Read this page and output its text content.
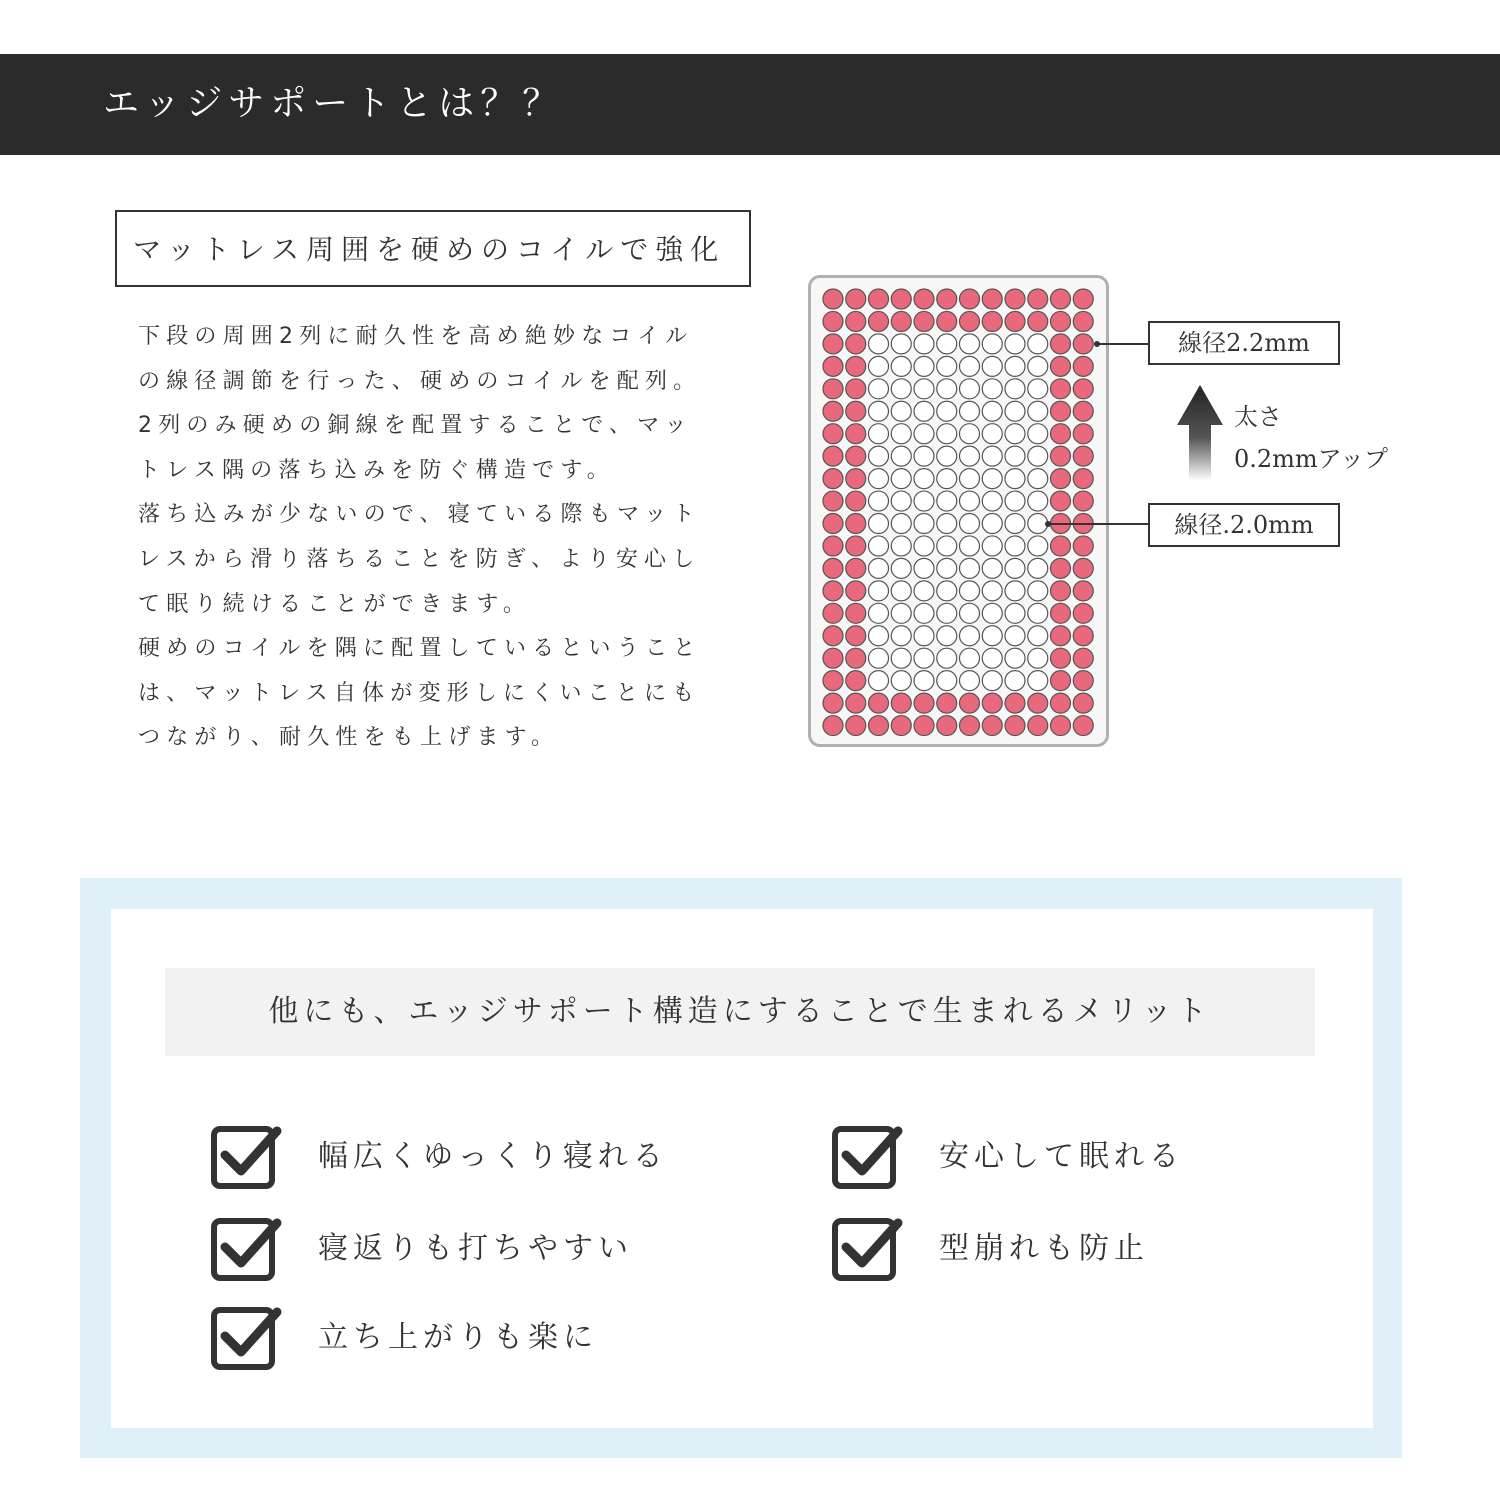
エッジサポートとは？？
マットレス周囲を硬めのコイルで強化
下段の周囲2列に耐久性を高め絶妙なコイル
の線径調節を行った、硬めのコイルを配列。
2列のみ硬めの銅線を配置することで、マッ
トレス隅の落ち込みを防ぐ構造です。
落ち込みが少ないので、寝ている際もマット
レスから滑り落ちることを防ぎ、より安心し
て眠り続けることができます。
硬めのコイルを隅に配置しているということ
は、マットレス自体が変形しにくいことにも
つながり、耐久性をも上げます。
線径2.2mm
線径.2.0mm
太さ
0.2mmアップ
他にも、エッジサポート構造にすることで生まれるメリット
幅広くゆっくり寝れる	安心して眠れる
寝返りも打ちやすい	型崩れも防止
立ち上がりも楽に
